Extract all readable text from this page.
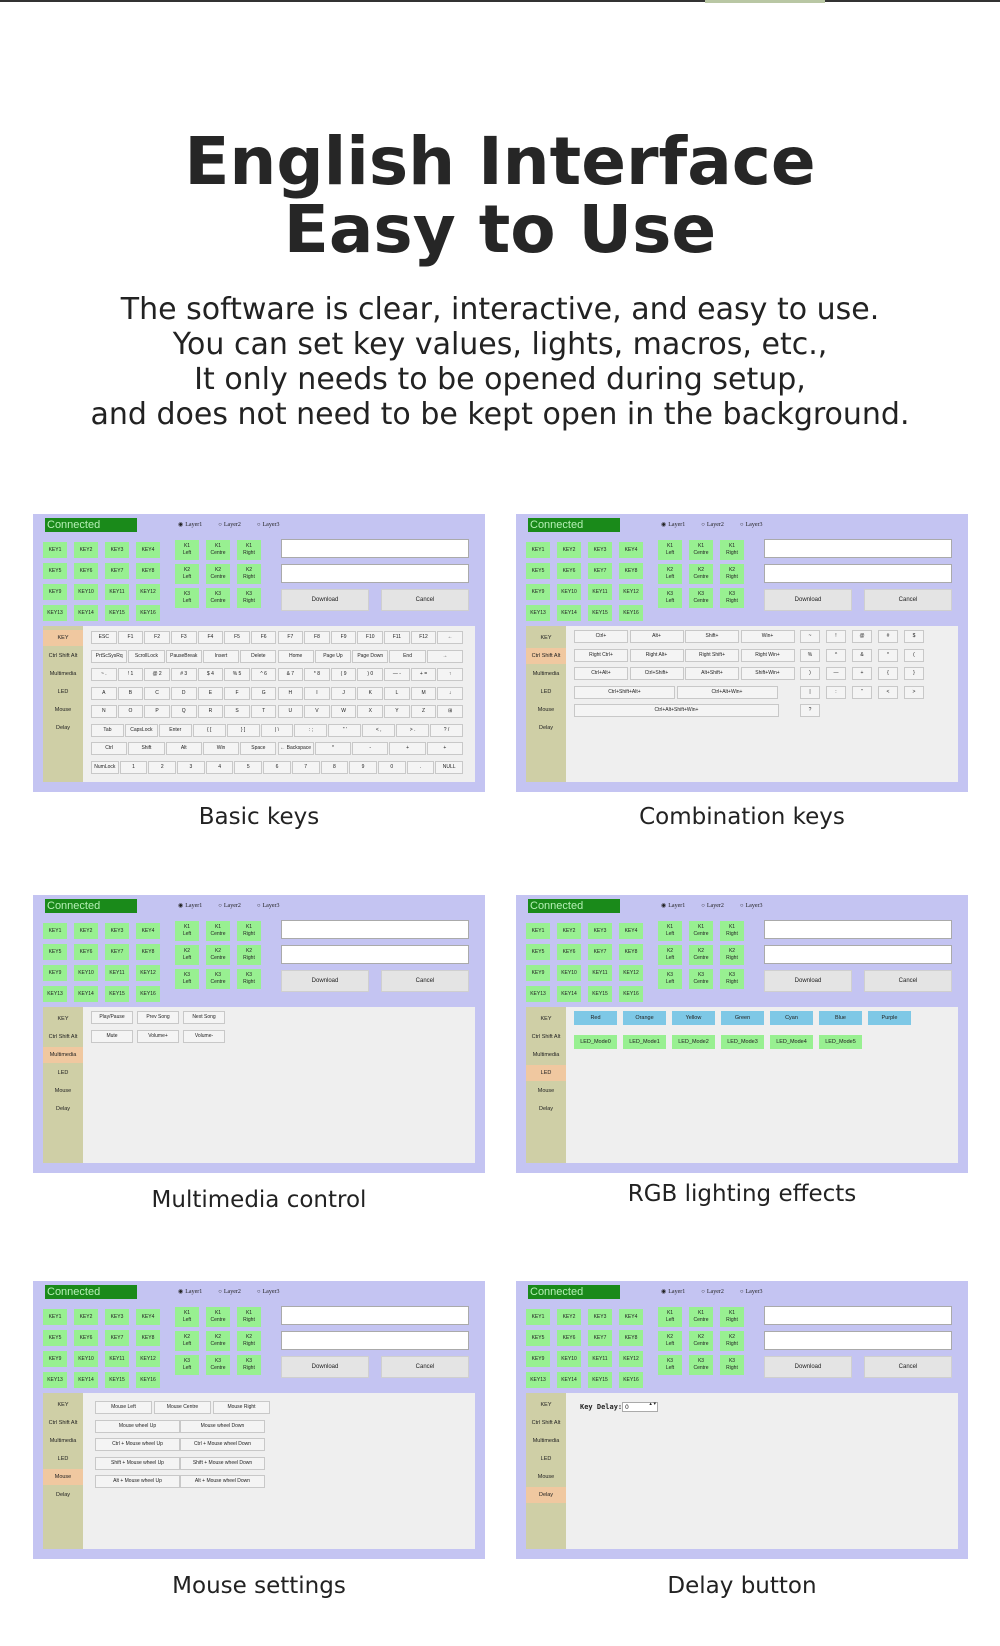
English Interface
Easy to Use
The software is clear, interactive, and easy to use.
You can set key values, lights, macros, etc.,
It only needs to be opened during setup,
and does not need to be kept open in the background.
Connected
KEY1	KEY2	KEY3	KEY4
KEY5	KEY6	KEY7	KEY8
KEY9	KEY10	KEY11	KEY12
KEY13	KEY14	KEY15	KEY16
K1
Left
K1
Centre
K1
Right
K2
Left
K2
Centre
K2
Right
K3
Left
K3
Centre
K3
Right
◉ Layer1	○ Layer2	○ Layer3
Download	Cancel
KEY
Ctrl Shift Alt
Multimedia
LED
Mouse
Delay
ESC	F1	F2	F3	F4	F5	F6	F7	F8	F9	F10	F11	F12	←
PrtScSysRq	ScrollLock	PauseBreak	Insert	Delete	Home	Page Up	Page Down	End	→
~ .	! 1	@ 2	# 3	$ 4	% 5	^ 6	& 7	* 8	( 9	) 0	— -	+ =	↑
A	B	C	D	E	F	G	H	I	J	K	L	M	↓
N	O	P	Q	R	S	T	U	V	W	X	Y	Z	⊞
Tab	CapsLock	Enter	{ [	} ]	| \	: ;	" '	< ,	> .	? /
Ctrl	Shift	Alt	Win	Space	← Backspace	*	-	+	+
NumLock	1	2	3	4	5	6	7	8	9	0	.	NULL
Basic keys
Connected
KEY1	KEY2	KEY3	KEY4
KEY5	KEY6	KEY7	KEY8
KEY9	KEY10	KEY11	KEY12
KEY13	KEY14	KEY15	KEY16
K1
Left
K1
Centre
K1
Right
K2
Left
K2
Centre
K2
Right
K3
Left
K3
Centre
K3
Right
◉ Layer1	○ Layer2	○ Layer3
Download	Cancel
KEY
Ctrl Shift Alt
Multimedia
LED
Mouse
Delay
Ctrl+	Alt+	Shift+	Win+
Right Ctrl+	Right Alt+	Right Shift+	Right Win+
Ctrl+Alt+	Ctrl+Shift+	Alt+Shift+	Shift+Win+
Ctrl+Shift+Alt+	Ctrl+Alt+Win+
Ctrl+Alt+Shift+Win+
~	!	@	#	$
%	^	&	*	(
)	—	+	{	}
|	:	"	<	>
?
Combination keys
Connected
KEY1	KEY2	KEY3	KEY4
KEY5	KEY6	KEY7	KEY8
KEY9	KEY10	KEY11	KEY12
KEY13	KEY14	KEY15	KEY16
K1
Left
K1
Centre
K1
Right
K2
Left
K2
Centre
K2
Right
K3
Left
K3
Centre
K3
Right
◉ Layer1	○ Layer2	○ Layer3
Download	Cancel
KEY
Ctrl Shift Alt
Multimedia
LED
Mouse
Delay
Play/Pause	Prev Song	Next Song
Mute	Volume+	Volume-
Multimedia control
Connected
KEY1	KEY2	KEY3	KEY4
KEY5	KEY6	KEY7	KEY8
KEY9	KEY10	KEY11	KEY12
KEY13	KEY14	KEY15	KEY16
K1
Left
K1
Centre
K1
Right
K2
Left
K2
Centre
K2
Right
K3
Left
K3
Centre
K3
Right
◉ Layer1	○ Layer2	○ Layer3
Download	Cancel
KEY
Ctrl Shift Alt
Multimedia
LED
Mouse
Delay
Red	Orange	Yellow	Green	Cyan	Blue	Purple
LED_Mode0	LED_Mode1	LED_Mode2	LED_Mode3	LED_Mode4	LED_Mode5
RGB lighting effects
Connected
KEY1	KEY2	KEY3	KEY4
KEY5	KEY6	KEY7	KEY8
KEY9	KEY10	KEY11	KEY12
KEY13	KEY14	KEY15	KEY16
K1
Left
K1
Centre
K1
Right
K2
Left
K2
Centre
K2
Right
K3
Left
K3
Centre
K3
Right
◉ Layer1	○ Layer2	○ Layer3
Download	Cancel
KEY
Ctrl Shift Alt
Multimedia
LED
Mouse
Delay
Mouse Left	Mouse Centre	Mouse Right
Mouse wheel Up	Mouse wheel Down
Ctrl + Mouse wheel Up	Ctrl + Mouse wheel Down
Shift + Mouse wheel Up	Shift + Mouse wheel Down
Alt + Mouse wheel Up	Alt + Mouse wheel Down
Mouse settings
Connected
KEY1	KEY2	KEY3	KEY4
KEY5	KEY6	KEY7	KEY8
KEY9	KEY10	KEY11	KEY12
KEY13	KEY14	KEY15	KEY16
K1
Left
K1
Centre
K1
Right
K2
Left
K2
Centre
K2
Right
K3
Left
K3
Centre
K3
Right
◉ Layer1	○ Layer2	○ Layer3
Download	Cancel
KEY
Ctrl Shift Alt
Multimedia
LED
Mouse
Delay
Key Delay: 0	▴ ▾
Delay button
